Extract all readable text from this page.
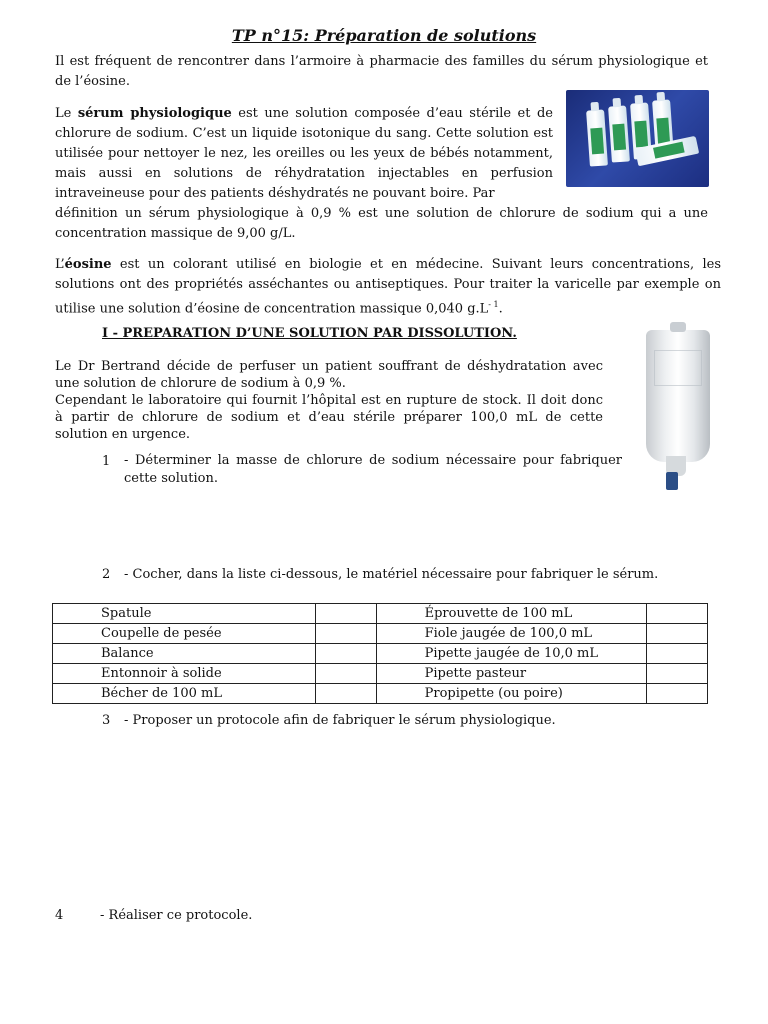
TP n°15: Préparation de solutions
Il est fréquent de rencontrer dans l’armoire à pharmacie des familles du sérum physiologique et de l’éosine.
Le sérum physiologique est une solution composée d’eau stérile et de chlorure de sodium. C’est un liquide isotonique du sang. Cette solution est utilisée pour nettoyer le nez, les oreilles ou les yeux de bébés notamment, mais aussi en solutions de réhydratation injectables en perfusion intraveineuse pour des patients déshydratés ne pouvant boire. Par
définition un sérum physiologique à 0,9 % est une solution de chlorure de sodium qui a une concentration massique de 9,00 g/L.
L’éosine est un colorant utilisé en biologie et en médecine. Suivant leurs concentrations, les solutions ont des propriétés asséchantes ou antiseptiques. Pour traiter la varicelle par exemple on utilise une solution d’éosine de concentration massique 0,040 $g.L^{- 1}$.
I - PREPARATION D’UNE SOLUTION PAR DISSOLUTION.
Le Dr Bertrand décide de perfuser un patient souffrant de déshydratation avec une solution de chlorure de sodium à 0,9 %.
Cependant le laboratoire qui fournit l’hôpital est en rupture de stock. Il doit donc à partir de chlorure de sodium et d’eau stérile préparer 100,0 mL de cette solution en urgence.
1	- Déterminer la masse de chlorure de sodium nécessaire pour fabriquer cette solution.
2	- Cocher, dans la liste ci-dessous, le matériel nécessaire pour fabriquer le sérum.
Spatule		Éprouvette de 100 mL	
Coupelle de pesée		Fiole jaugée de 100,0 mL	
Balance		Pipette jaugée de 10,0 mL	
Entonnoir à solide		Pipette pasteur	
Bécher de 100 mL		Propipette (ou poire)	
3	- Proposer un protocole afin de fabriquer le sérum physiologique.
4	- Réaliser ce protocole.
